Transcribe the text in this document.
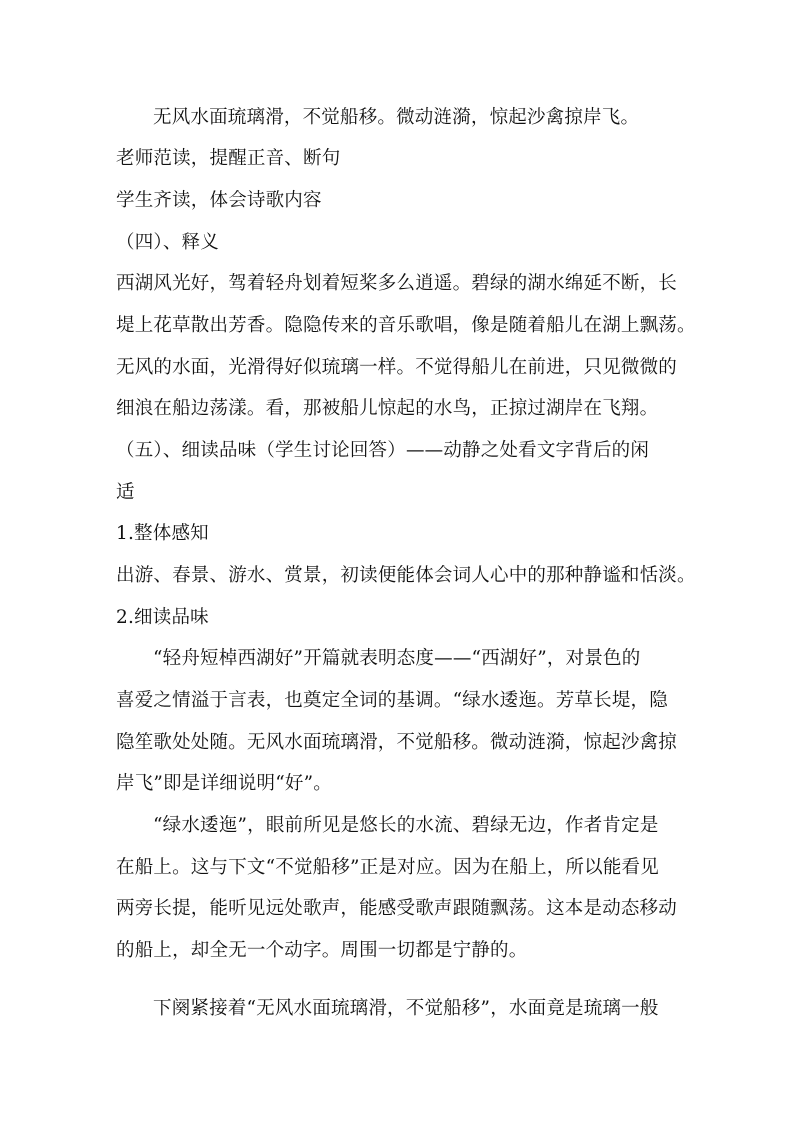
无风水面琉璃滑，不觉船移。微动涟漪，惊起沙禽掠岸飞。
老师范读，提醒正音、断句
学生齐读，体会诗歌内容
（四）、释义
西湖风光好，驾着轻舟划着短桨多么逍遥。碧绿的湖水绵延不断，长
堤上花草散出芳香。隐隐传来的音乐歌唱，像是随着船儿在湖上飘荡。
无风的水面，光滑得好似琉璃一样。不觉得船儿在前进，只见微微的
细浪在船边荡漾。看，那被船儿惊起的水鸟，正掠过湖岸在飞翔。
（五）、细读品味（学生讨论回答）——动静之处看文字背后的闲
适
1.整体感知
出游、春景、游水、赏景，初读便能体会词人心中的那种静谧和恬淡。
2.细读品味
“轻舟短棹西湖好”开篇就表明态度——“西湖好”，对景色的
喜爱之情溢于言表，也奠定全词的基调。“绿水逶迤。芳草长堤，隐
隐笙歌处处随。无风水面琉璃滑，不觉船移。微动涟漪，惊起沙禽掠
岸飞”即是详细说明“好”。
“绿水逶迤”，眼前所见是悠长的水流、碧绿无边，作者肯定是
在船上。这与下文“不觉船移”正是对应。因为在船上，所以能看见
两旁长提，能听见远处歌声，能感受歌声跟随飘荡。这本是动态移动
的船上，却全无一个动字。周围一切都是宁静的。
下阕紧接着“无风水面琉璃滑，不觉船移”，水面竟是琉璃一般
